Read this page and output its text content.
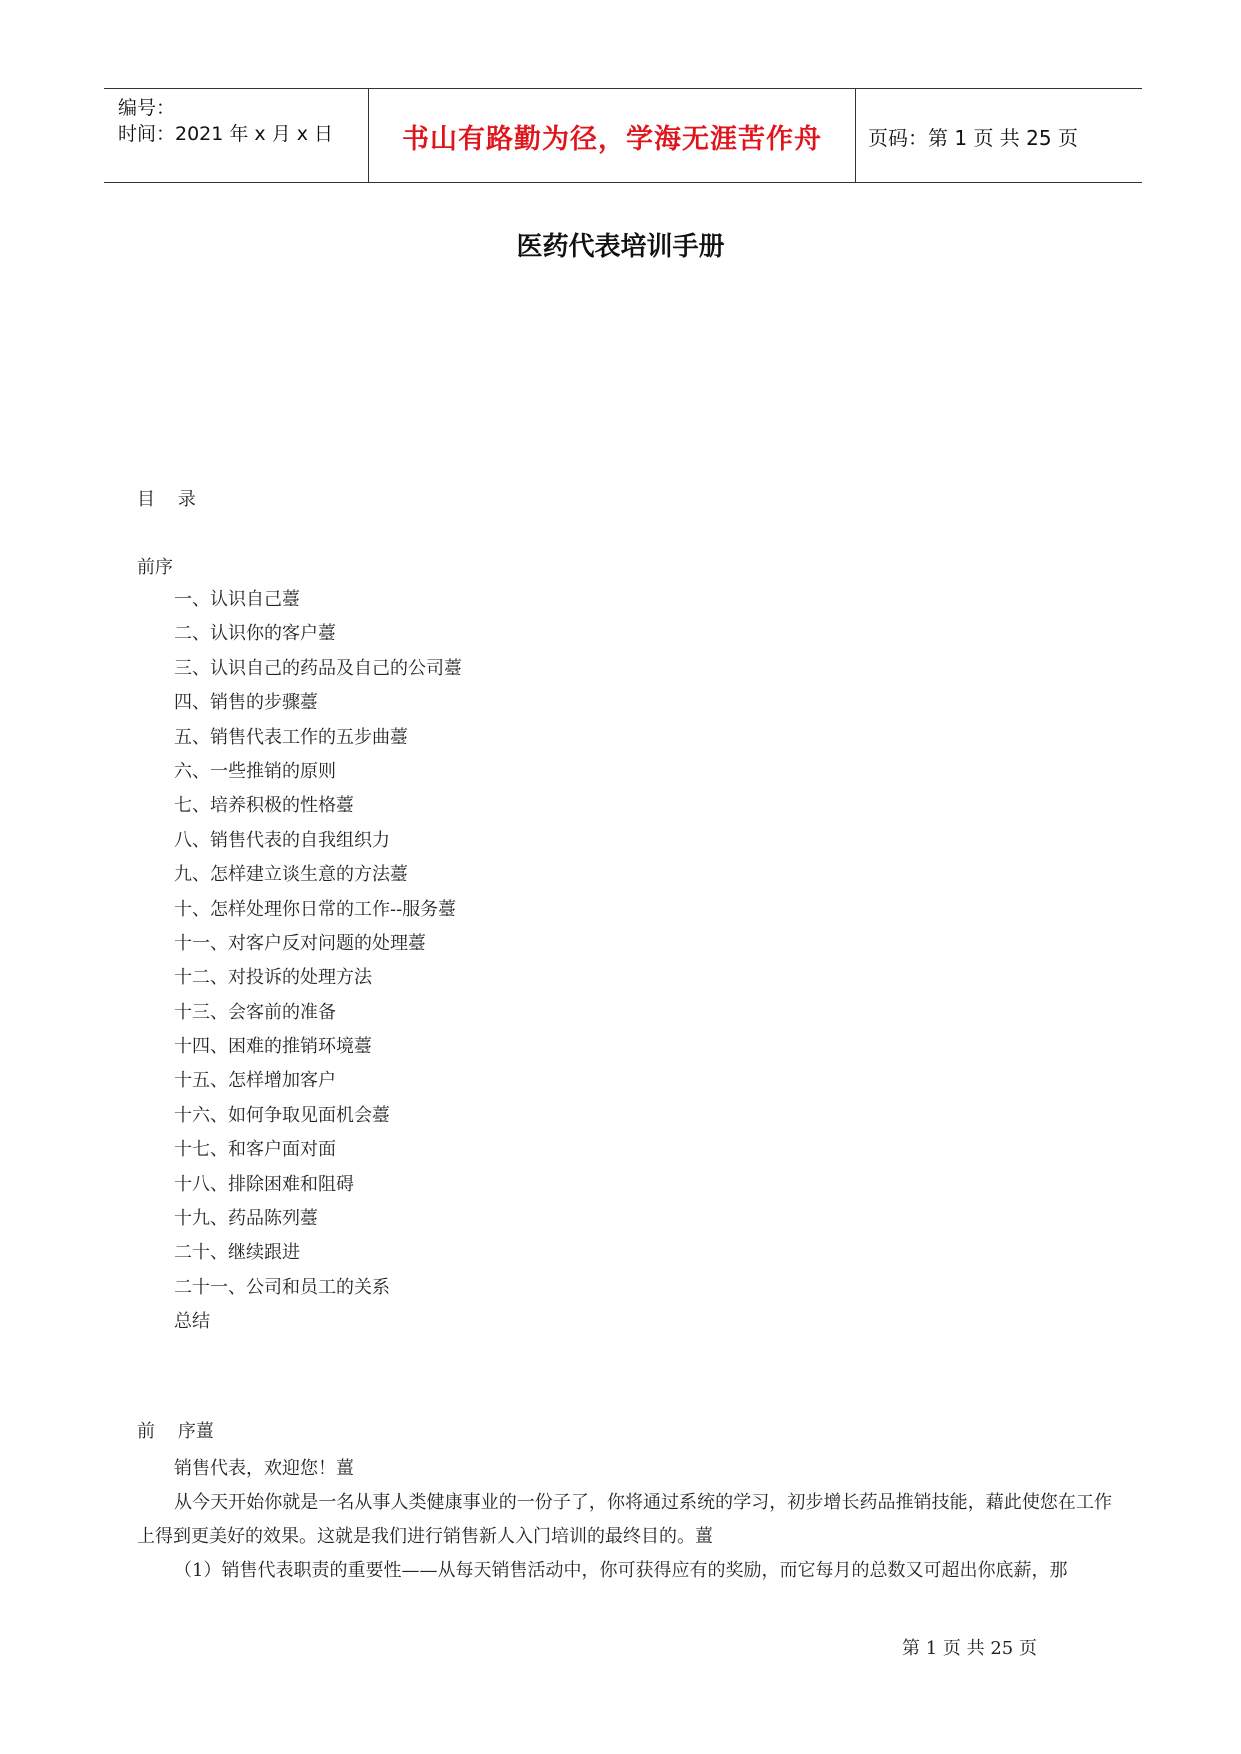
编号：
时间：2021 年 x 月 x 日	书山有路勤为径，学海无涯苦作舟	页码：第 1 页 共 25 页
医药代表培训手册
目    录
前序
一、认识自己薹
二、认识你的客户薹
三、认识自己的药品及自己的公司薹
四、销售的步骤薹
五、销售代表工作的五步曲薹
六、一些推销的原则
七、培养积极的性格薹
八、销售代表的自我组织力
九、怎样建立谈生意的方法薹
十、怎样处理你日常的工作--服务薹
十一、对客户反对问题的处理薹
十二、对投诉的处理方法
十三、会客前的准备
十四、困难的推销环境薹
十五、怎样增加客户
十六、如何争取见面机会薹
十七、和客户面对面
十八、排除困难和阻碍
十九、药品陈列薹
二十、继续跟进
二十一、公司和员工的关系
总结
前    序薑

销售代表，欢迎您！薑

从今天开始你就是一名从事人类健康事业的一份子了，你将通过系统的学习，初步增长药品推销技能，藉此使您在工作上得到更美好的效果。这就是我们进行销售新人入门培训的最终目的。薑

（1）销售代表职责的重要性——从每天销售活动中，你可获得应有的奖励，而它每月的总数又可超出你底薪，那

第 1 页 共 25 页
